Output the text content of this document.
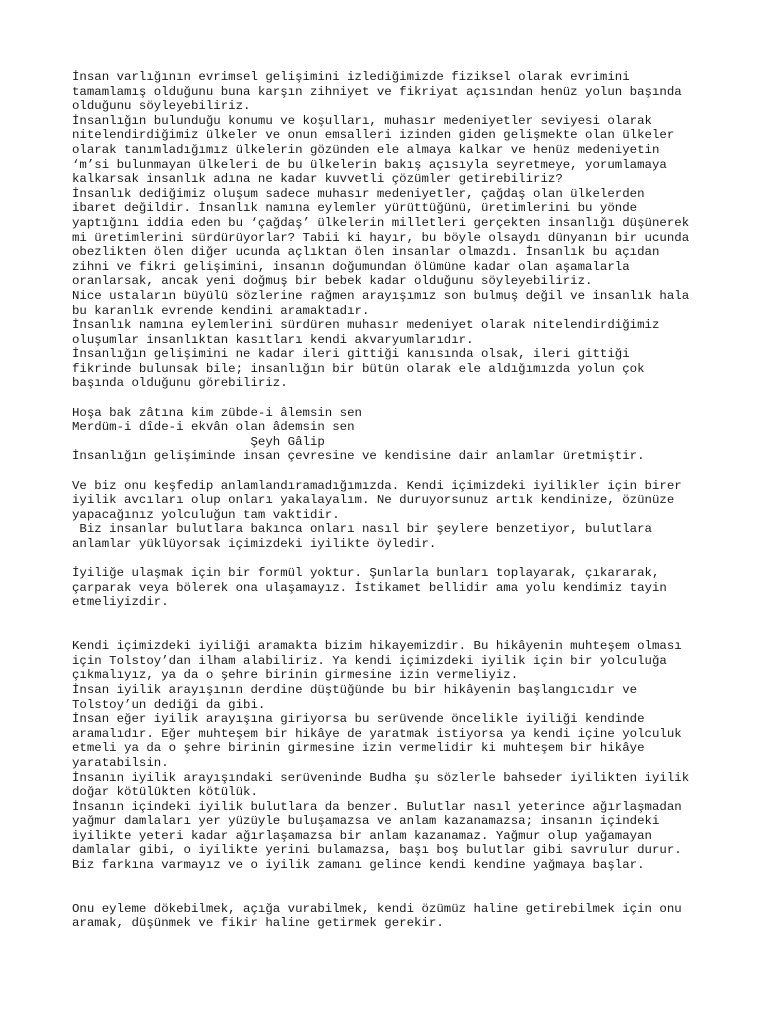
İnsan varlığının evrimsel gelişimini izlediğimizde fiziksel olarak evrimini
tamamlamış olduğunu buna karşın zihniyet ve fikriyat açısından henüz yolun başında
olduğunu söyleyebiliriz.
İnsanlığın bulunduğu konumu ve koşulları, muhasır medeniyetler seviyesi olarak
nitelendirdiğimiz ülkeler ve onun emsalleri izinden giden gelişmekte olan ülkeler
olarak tanımladığımız ülkelerin gözünden ele almaya kalkar ve henüz medeniyetin
‘m’si bulunmayan ülkeleri de bu ülkelerin bakış açısıyla seyretmeye, yorumlamaya
kalkarsak insanlık adına ne kadar kuvvetli çözümler getirebiliriz?
İnsanlık dediğimiz oluşum sadece muhasır medeniyetler, çağdaş olan ülkelerden
ibaret değildir. İnsanlık namına eylemler yürüttüğünü, üretimlerini bu yönde
yaptığını iddia eden bu ‘çağdaş’ ülkelerin milletleri gerçekten insanlığı düşünerek
mi üretimlerini sürdürüyorlar? Tabii ki hayır, bu böyle olsaydı dünyanın bir ucunda
obezlikten ölen diğer ucunda açlıktan ölen insanlar olmazdı. İnsanlık bu açıdan
zihni ve fikri gelişimini, insanın doğumundan ölümüne kadar olan aşamalarla
oranlarsak, ancak yeni doğmuş bir bebek kadar olduğunu söyleyebiliriz.
Nice ustaların büyülü sözlerine rağmen arayışımız son bulmuş değil ve insanlık hala
bu karanlık evrende kendini aramaktadır.
İnsanlık namına eylemlerini sürdüren muhasır medeniyet olarak nitelendirdiğimiz
oluşumlar insanlıktan kasıtları kendi akvaryumlarıdır.
İnsanlığın gelişimini ne kadar ileri gittiği kanısında olsak, ileri gittiği
fikrinde bulunsak bile; insanlığın bir bütün olarak ele aldığımızda yolun çok
başında olduğunu görebiliriz.
Hoşa bak zâtına kim zübde-i âlemsin sen
Merdüm-i dîde-i ekvân olan âdemsin sen
Şeyh Gâlip
İnsanlığın gelişiminde insan çevresine ve kendisine dair anlamlar üretmiştir.
Ve biz onu keşfedip anlamlandıramadığımızda. Kendi içimizdeki iyilikler için birer
iyilik avcıları olup onları yakalayalım. Ne duruyorsunuz artık kendinize, özünüze
yapacağınız yolculuğun tam vaktidir.
Biz insanlar bulutlara bakınca onları nasıl bir şeylere benzetiyor, bulutlara
anlamlar yüklüyorsak içimizdeki iyilikte öyledir.
İyiliğe ulaşmak için bir formül yoktur. Şunlarla bunları toplayarak, çıkararak,
çarparak veya bölerek ona ulaşamayız. İstikamet bellidir ama yolu kendimiz tayin
etmeliyizdir.
Kendi içimizdeki iyiliği aramakta bizim hikayemizdir. Bu hikâyenin muhteşem olması
için Tolstoy’dan ilham alabiliriz. Ya kendi içimizdeki iyilik için bir yolculuğa
çıkmalıyız, ya da o şehre birinin girmesine izin vermeliyiz.
İnsan iyilik arayışının derdine düştüğünde bu bir hikâyenin başlangıcıdır ve
Tolstoy’un dediği da gibi.
İnsan eğer iyilik arayışına giriyorsa bu serüvende öncelikle iyiliği kendinde
aramalıdır. Eğer muhteşem bir hikâye de yaratmak istiyorsa ya kendi içine yolculuk
etmeli ya da o şehre birinin girmesine izin vermelidir ki muhteşem bir hikâye
yaratabilsin.
İnsanın iyilik arayışındaki serüveninde Budha şu sözlerle bahseder iyilikten iyilik
doğar kötülükten kötülük.
İnsanın içindeki iyilik bulutlara da benzer. Bulutlar nasıl yeterince ağırlaşmadan
yağmur damlaları yer yüzüyle buluşamazsa ve anlam kazanamazsa; insanın içindeki
iyilikte yeteri kadar ağırlaşamazsa bir anlam kazanamaz. Yağmur olup yağamayan
damlalar gibi, o iyilikte yerini bulamazsa, başı boş bulutlar gibi savrulur durur.
Biz farkına varmayız ve o iyilik zamanı gelince kendi kendine yağmaya başlar.
Onu eyleme dökebilmek, açığa vurabilmek, kendi özümüz haline getirebilmek için onu
aramak, düşünmek ve fikir haline getirmek gerekir.
